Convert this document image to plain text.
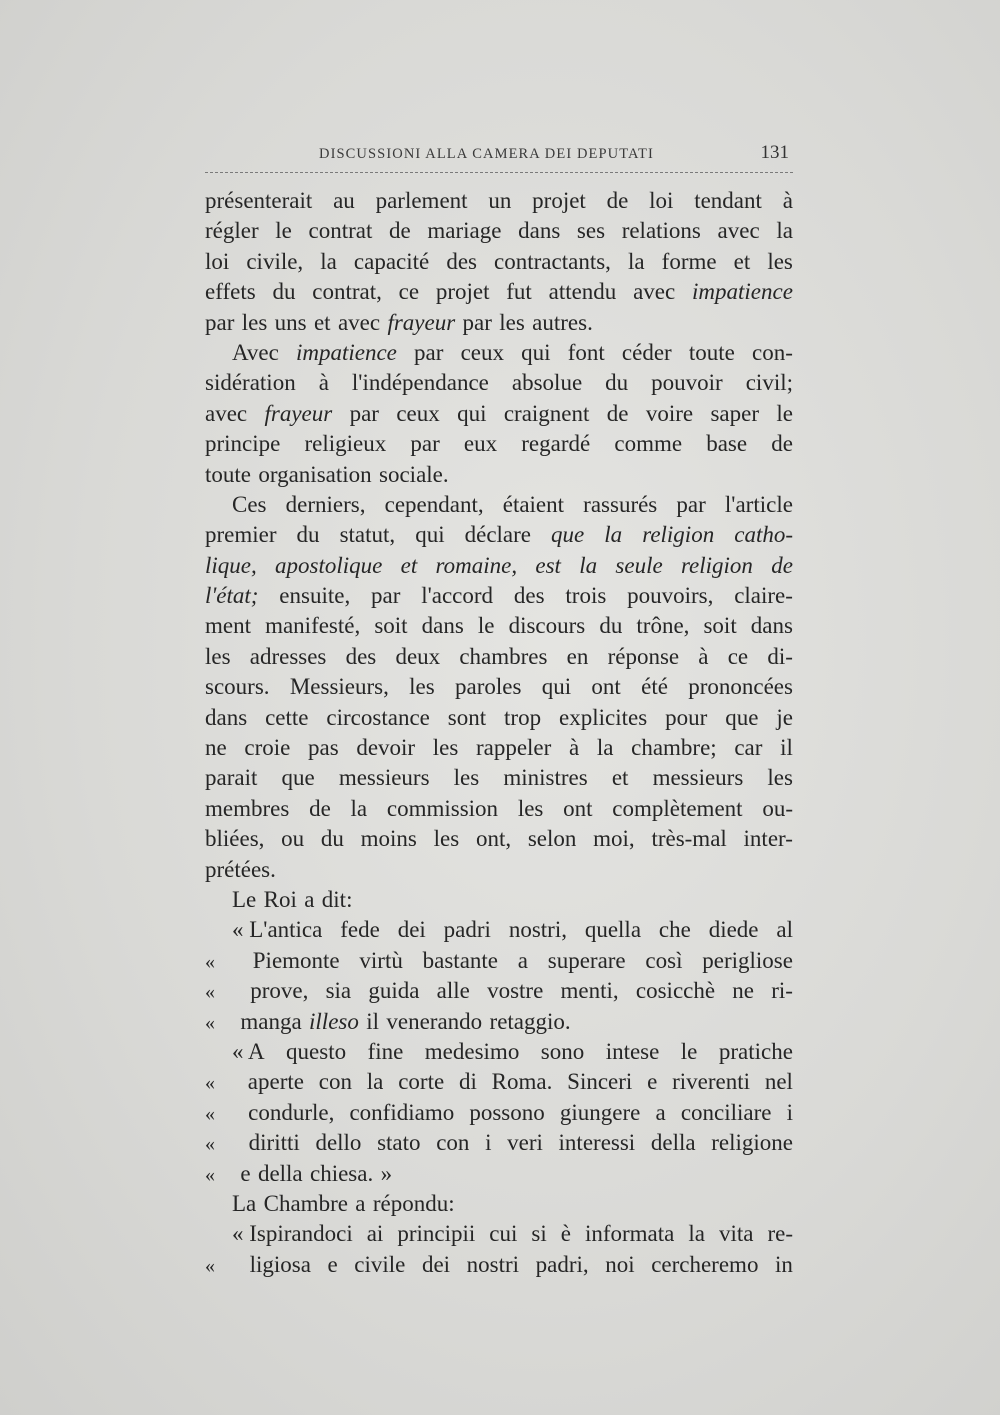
DISCUSSIONI ALLA CAMERA DEI DEPUTATI	131
présenterait au parlement un projet de loi tendant à
régler le contrat de mariage dans ses relations avec la
loi civile, la capacité des contractants, la forme et les
effets du contrat, ce projet fut attendu avec impatience
par les uns et avec frayeur par les autres.
Avec impatience par ceux qui font céder toute con-
sidération à l'indépendance absolue du pouvoir civil;
avec frayeur par ceux qui craignent de voire saper le
principe religieux par eux regardé comme base de
toute organisation sociale.
Ces derniers, cependant, étaient rassurés par l'article
premier du statut, qui déclare que la religion catho-
lique, apostolique et romaine, est la seule religion de
l'état; ensuite, par l'accord des trois pouvoirs, claire-
ment manifesté, soit dans le discours du trône, soit dans
les adresses des deux chambres en réponse à ce di-
scours. Messieurs, les paroles qui ont été prononcées
dans cette circostance sont trop explicites pour que je
ne croie pas devoir les rappeler à la chambre; car il
parait que messieurs les ministres et messieurs les
membres de la commission les ont complètement ou-
bliées, ou du moins les ont, selon moi, très-mal inter-
prétées.
Le Roi a dit:
« L'antica fede dei padri nostri, quella che diede al
«	Piemonte virtù bastante a superare così perigliose
«	prove, sia guida alle vostre menti, cosicchè ne ri-
«	manga illeso il venerando retaggio.
« A questo fine medesimo sono intese le pratiche
«	aperte con la corte di Roma. Sinceri e riverenti nel
«	condurle, confidiamo possono giungere a conciliare i
«	diritti dello stato con i veri interessi della religione
«	e della chiesa. »
La Chambre a répondu:
« Ispirandoci ai principii cui si è informata la vita re-
«	ligiosa e civile dei nostri padri, noi cercheremo in
